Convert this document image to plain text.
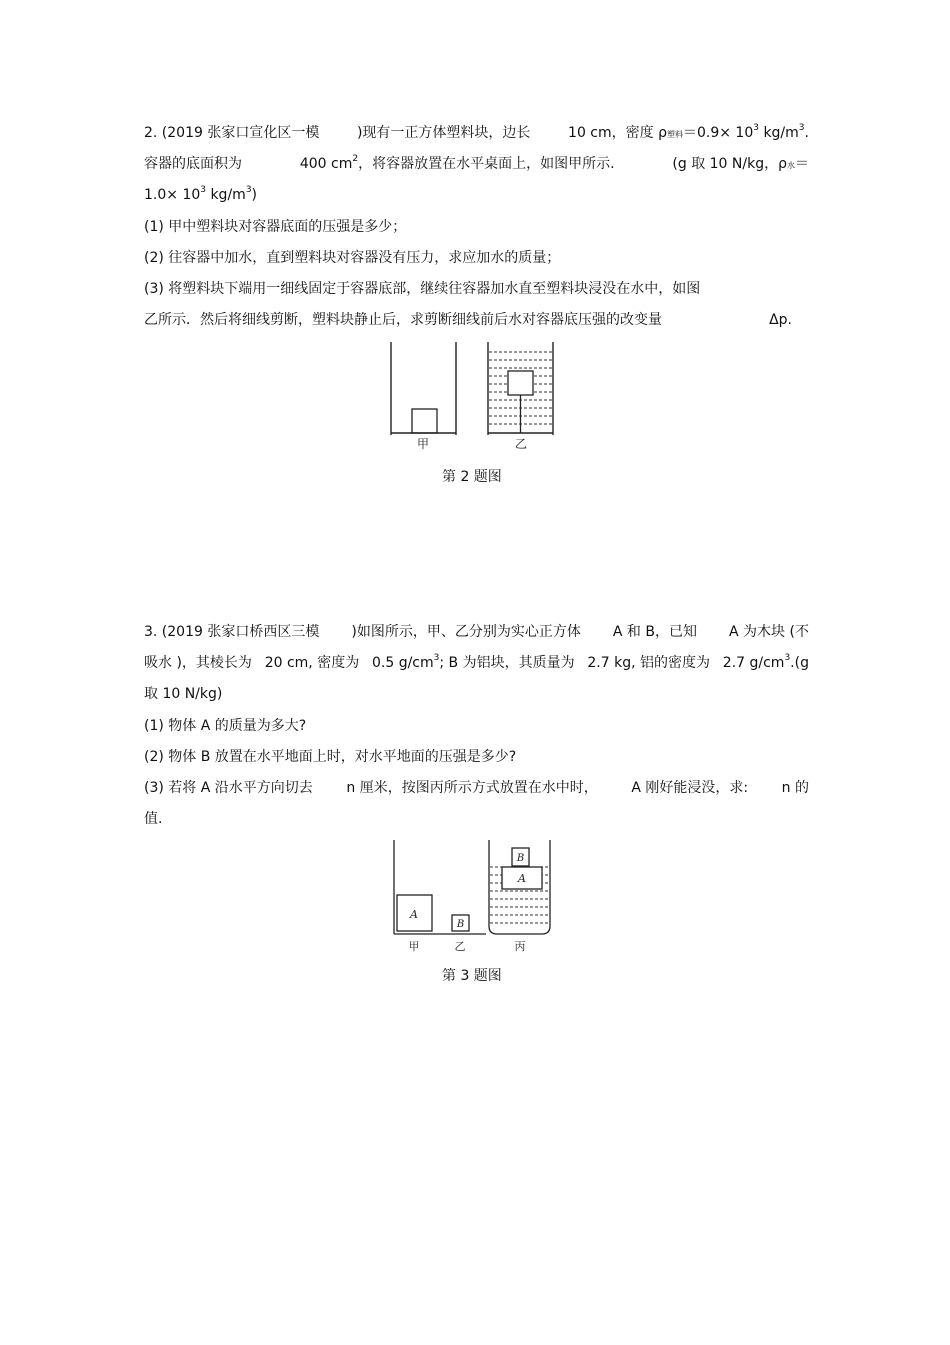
2. (2019 张家口宣化区一模	)现有一正方体塑料块，边长	10 cm，密度 ρ塑料$=0.9\times 10^3$ $kg/m^3$.
容器的底面积为	400 $cm^2$，将容器放置在水平桌面上，如图甲所示.	(g 取 10 N/kg，ρ水＝
$1.0\times 10^3$ $kg/m^3$)
(1) 甲中塑料块对容器底面的压强是多少；
(2) 往容器中加水，直到塑料块对容器没有压力，求应加水的质量；
(3) 将塑料块下端用一细线固定于容器底部，继续往容器加水直至塑料块浸没在水中，如图
乙所示．然后将细线剪断，塑料块静止后，求剪断细线前后水对容器底压强的改变量	Δp.
甲	乙
第 2 题图
3. (2019 张家口桥西区三模 )如图所示，甲、乙分别为实心正方体 A 和 B，已知 A 为木块 (不
吸水 )，其棱长为 20 cm, 密度为 0.5 $g/cm^3$; B 为铝块，其质量为 2.7 kg, 铝的密度为 2.7 $g/cm^3.(g$
取 10 N/kg)
(1) 物体 A 的质量为多大?
(2) 物体 B 放置在水平地面上时，对水平地面的压强是多少?
(3) 若将 A 沿水平方向切去 n 厘米，按图丙所示方式放置在水中时， A 刚好能浸没，求: n 的
值.
A
甲
B
乙
A
B
丙
第 3 题图
